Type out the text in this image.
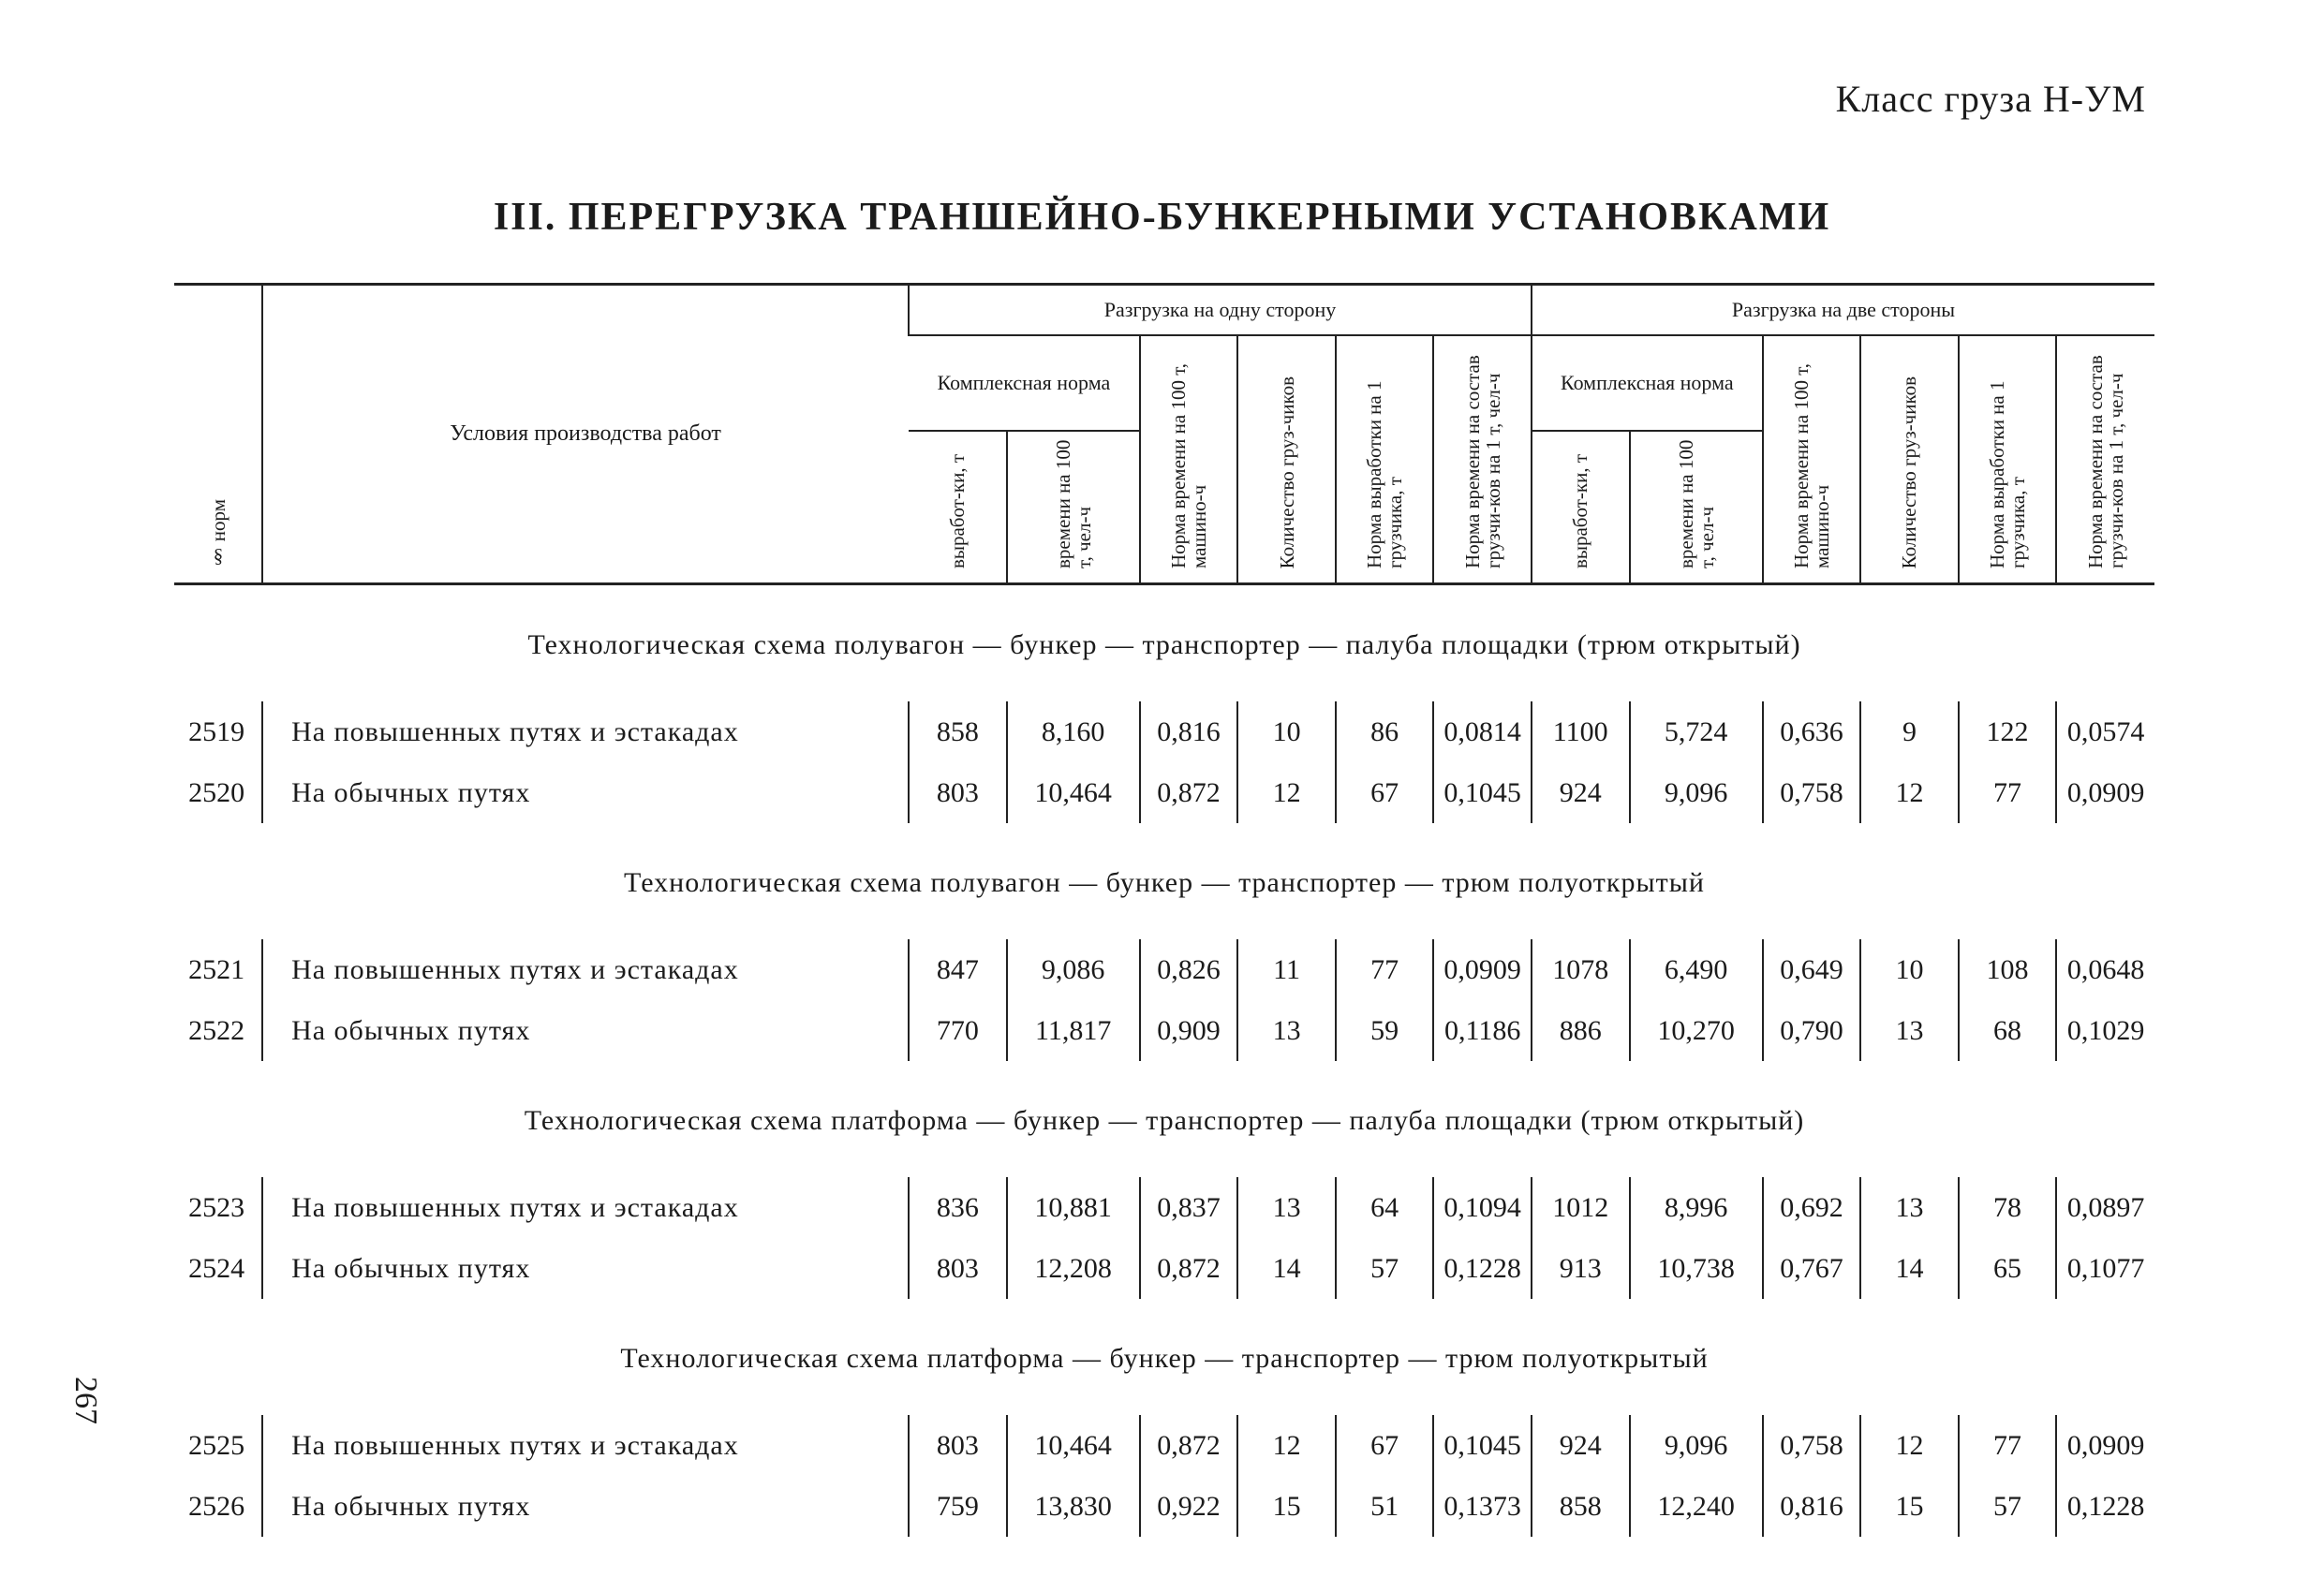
Класс груза Н-УМ
III. ПЕРЕГРУЗКА ТРАНШЕЙНО-БУНКЕРНЫМИ УСТАНОВКАМИ
267
§ норм	Условия производства работ	Разгрузка на одну сторону						Разгрузка на две стороны					
		Комплексная норма		Норма времени на 100 т, машино-ч	Количество груз-чиков	Норма выработки на 1 грузчика, т	Норма времени на состав грузчи-ков на 1 т, чел-ч	Комплексная норма		Норма времени на 100 т, машино-ч	Количество груз-чиков	Норма выработки на 1 грузчика, т	Норма времени на состав грузчи-ков на 1 т, чел-ч
		выработ-ки, т	времени на 100 т, чел-ч					выработ-ки, т	времени на 100 т, чел-ч				
Технологическая схема полувагон — бункер — транспортер — палуба площадки (трюм открытый)													

2519	На повышенных путях и эстакадах	858	8,160	0,816	10	86	0,0814	1100	5,724	0,636	9	122	0,0574
2520	На обычных путях	803	10,464	0,872	12	67	0,1045	924	9,096	0,758	12	77	0,0909
Технологическая схема полувагон — бункер — транспортер — трюм полуоткрытый													

2521	На повышенных путях и эстакадах	847	9,086	0,826	11	77	0,0909	1078	6,490	0,649	10	108	0,0648
2522	На обычных путях	770	11,817	0,909	13	59	0,1186	886	10,270	0,790	13	68	0,1029
Технологическая схема платформа — бункер — транспортер — палуба площадки (трюм открытый)													

2523	На повышенных путях и эстакадах	836	10,881	0,837	13	64	0,1094	1012	8,996	0,692	13	78	0,0897
2524	На обычных путях	803	12,208	0,872	14	57	0,1228	913	10,738	0,767	14	65	0,1077
Технологическая схема платформа — бункер — транспортер — трюм полуоткрытый													

2525	На повышенных путях и эстакадах	803	10,464	0,872	12	67	0,1045	924	9,096	0,758	12	77	0,0909
2526	На обычных путях	759	13,830	0,922	15	51	0,1373	858	12,240	0,816	15	57	0,1228
